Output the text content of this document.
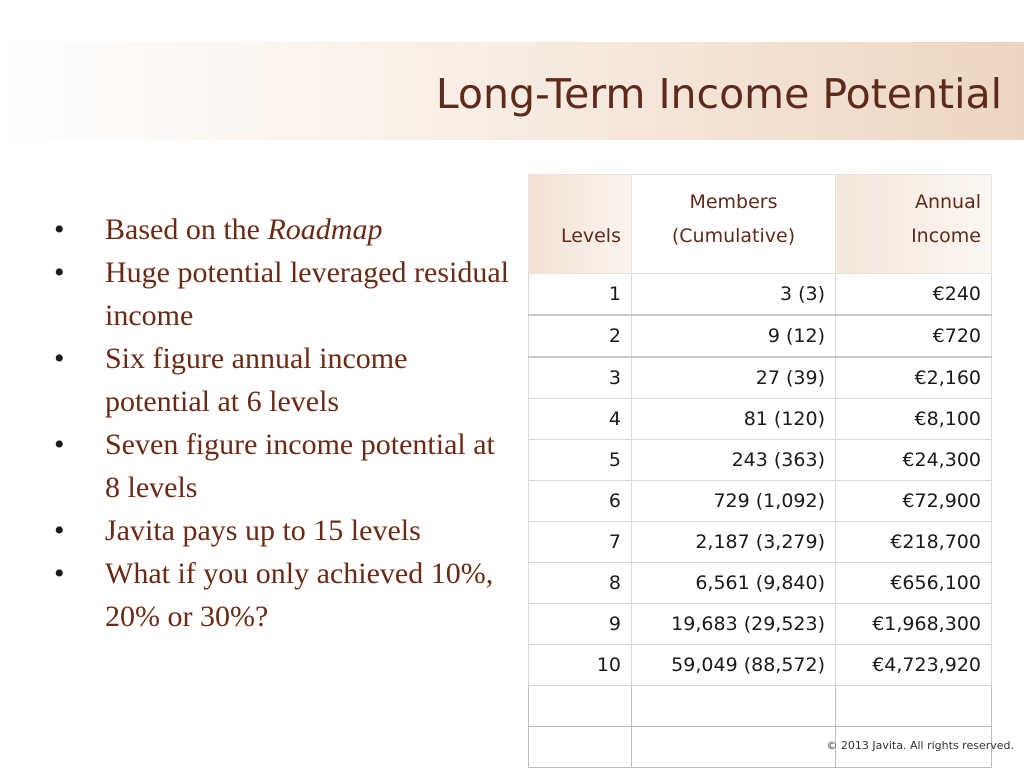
Long-Term Income Potential
• Based on the Roadmap
• Huge potential leveraged residual income
• Six figure annual income potential at 6 levels
• Seven figure income potential at 8 levels
• Javita pays up to 15 levels
• What if you only achieved 10%, 20% or 30%?
Levels	Members (Cumulative)	Annual Income
1	3 (3)	€240
2	9 (12)	€720
3	27 (39)	€2,160
4	81 (120)	€8,100
5	243 (363)	€24,300
6	729 (1,092)	€72,900
7	2,187 (3,279)	€218,700
8	6,561 (9,840)	€656,100
9	19,683 (29,523)	€1,968,300
10	59,049 (88,572)	€4,723,920

© 2013 Javita. All rights reserved.
